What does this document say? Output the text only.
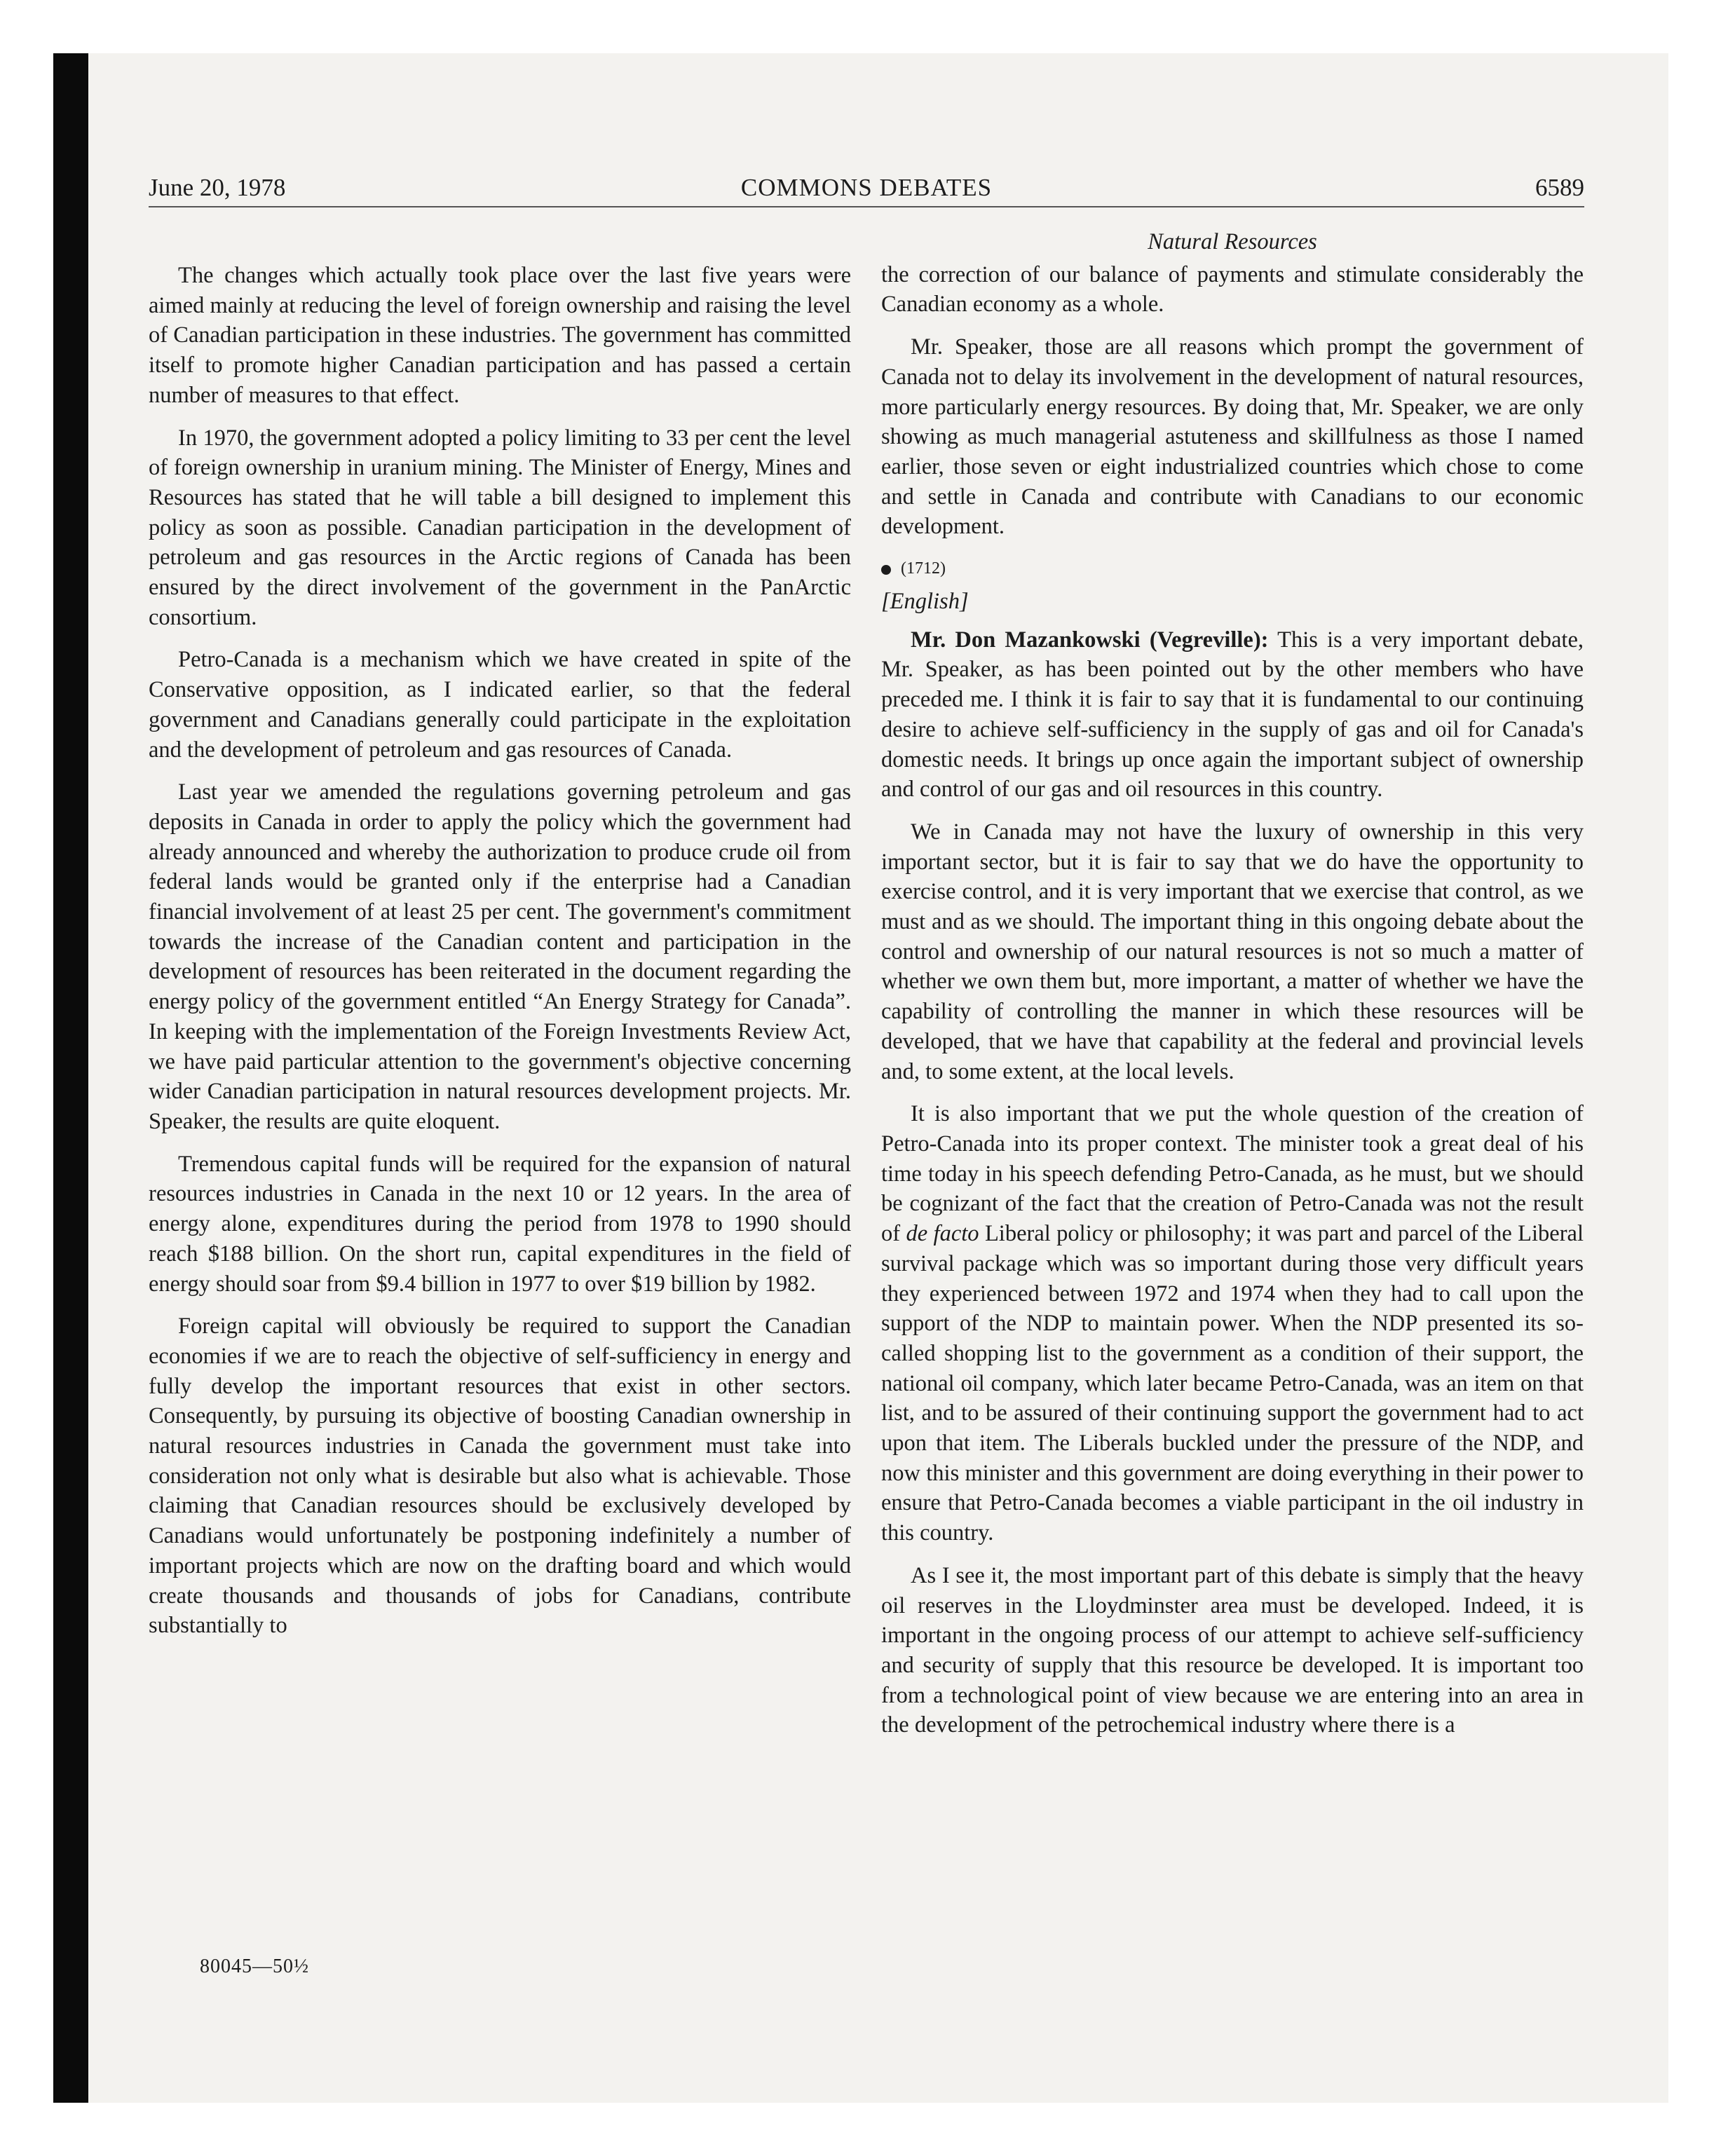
June 20, 1978	COMMONS DEBATES	6589

The changes which actually took place over the last five years were aimed mainly at reducing the level of foreign ownership and raising the level of Canadian participation in these industries. The government has committed itself to promote higher Canadian participation and has passed a certain number of measures to that effect.

In 1970, the government adopted a policy limiting to 33 per cent the level of foreign ownership in uranium mining. The Minister of Energy, Mines and Resources has stated that he will table a bill designed to implement this policy as soon as possible. Canadian participation in the development of petroleum and gas resources in the Arctic regions of Canada has been ensured by the direct involvement of the government in the PanArctic consortium.

Petro-Canada is a mechanism which we have created in spite of the Conservative opposition, as I indicated earlier, so that the federal government and Canadians generally could participate in the exploitation and the development of petroleum and gas resources of Canada.

Last year we amended the regulations governing petroleum and gas deposits in Canada in order to apply the policy which the government had already announced and whereby the authorization to produce crude oil from federal lands would be granted only if the enterprise had a Canadian financial involvement of at least 25 per cent. The government's commitment towards the increase of the Canadian content and participation in the development of resources has been reiterated in the document regarding the energy policy of the government entitled “An Energy Strategy for Canada”. In keeping with the implementation of the Foreign Investments Review Act, we have paid particular attention to the government's objective concerning wider Canadian participation in natural resources development projects. Mr. Speaker, the results are quite eloquent.

Tremendous capital funds will be required for the expansion of natural resources industries in Canada in the next 10 or 12 years. In the area of energy alone, expenditures during the period from 1978 to 1990 should reach $188 billion. On the short run, capital expenditures in the field of energy should soar from $9.4 billion in 1977 to over $19 billion by 1982.

Foreign capital will obviously be required to support the Canadian economies if we are to reach the objective of self-sufficiency in energy and fully develop the important resources that exist in other sectors. Consequently, by pursuing its objective of boosting Canadian ownership in natural resources industries in Canada the government must take into consideration not only what is desirable but also what is achievable. Those claiming that Canadian resources should be exclusively developed by Canadians would unfortunately be postponing indefinitely a number of important projects which are now on the drafting board and which would create thousands and thousands of jobs for Canadians, contribute substantially to

Natural Resources

the correction of our balance of payments and stimulate considerably the Canadian economy as a whole.

Mr. Speaker, those are all reasons which prompt the government of Canada not to delay its involvement in the development of natural resources, more particularly energy resources. By doing that, Mr. Speaker, we are only showing as much managerial astuteness and skillfulness as those I named earlier, those seven or eight industrialized countries which chose to come and settle in Canada and contribute with Canadians to our economic development.

(1712)
[English]

Mr. Don Mazankowski (Vegreville): This is a very important debate, Mr. Speaker, as has been pointed out by the other members who have preceded me. I think it is fair to say that it is fundamental to our continuing desire to achieve self-sufficiency in the supply of gas and oil for Canada's domestic needs. It brings up once again the important subject of ownership and control of our gas and oil resources in this country.

We in Canada may not have the luxury of ownership in this very important sector, but it is fair to say that we do have the opportunity to exercise control, and it is very important that we exercise that control, as we must and as we should. The important thing in this ongoing debate about the control and ownership of our natural resources is not so much a matter of whether we own them but, more important, a matter of whether we have the capability of controlling the manner in which these resources will be developed, that we have that capability at the federal and provincial levels and, to some extent, at the local levels.

It is also important that we put the whole question of the creation of Petro-Canada into its proper context. The minister took a great deal of his time today in his speech defending Petro-Canada, as he must, but we should be cognizant of the fact that the creation of Petro-Canada was not the result of de facto Liberal policy or philosophy; it was part and parcel of the Liberal survival package which was so important during those very difficult years they experienced between 1972 and 1974 when they had to call upon the support of the NDP to maintain power. When the NDP presented its so-called shopping list to the government as a condition of their support, the national oil company, which later became Petro-Canada, was an item on that list, and to be assured of their continuing support the government had to act upon that item. The Liberals buckled under the pressure of the NDP, and now this minister and this government are doing everything in their power to ensure that Petro-Canada becomes a viable participant in the oil industry in this country.

As I see it, the most important part of this debate is simply that the heavy oil reserves in the Lloydminster area must be developed. Indeed, it is important in the ongoing process of our attempt to achieve self-sufficiency and security of supply that this resource be developed. It is important too from a technological point of view because we are entering into an area in the development of the petrochemical industry where there is a

80045—50½
